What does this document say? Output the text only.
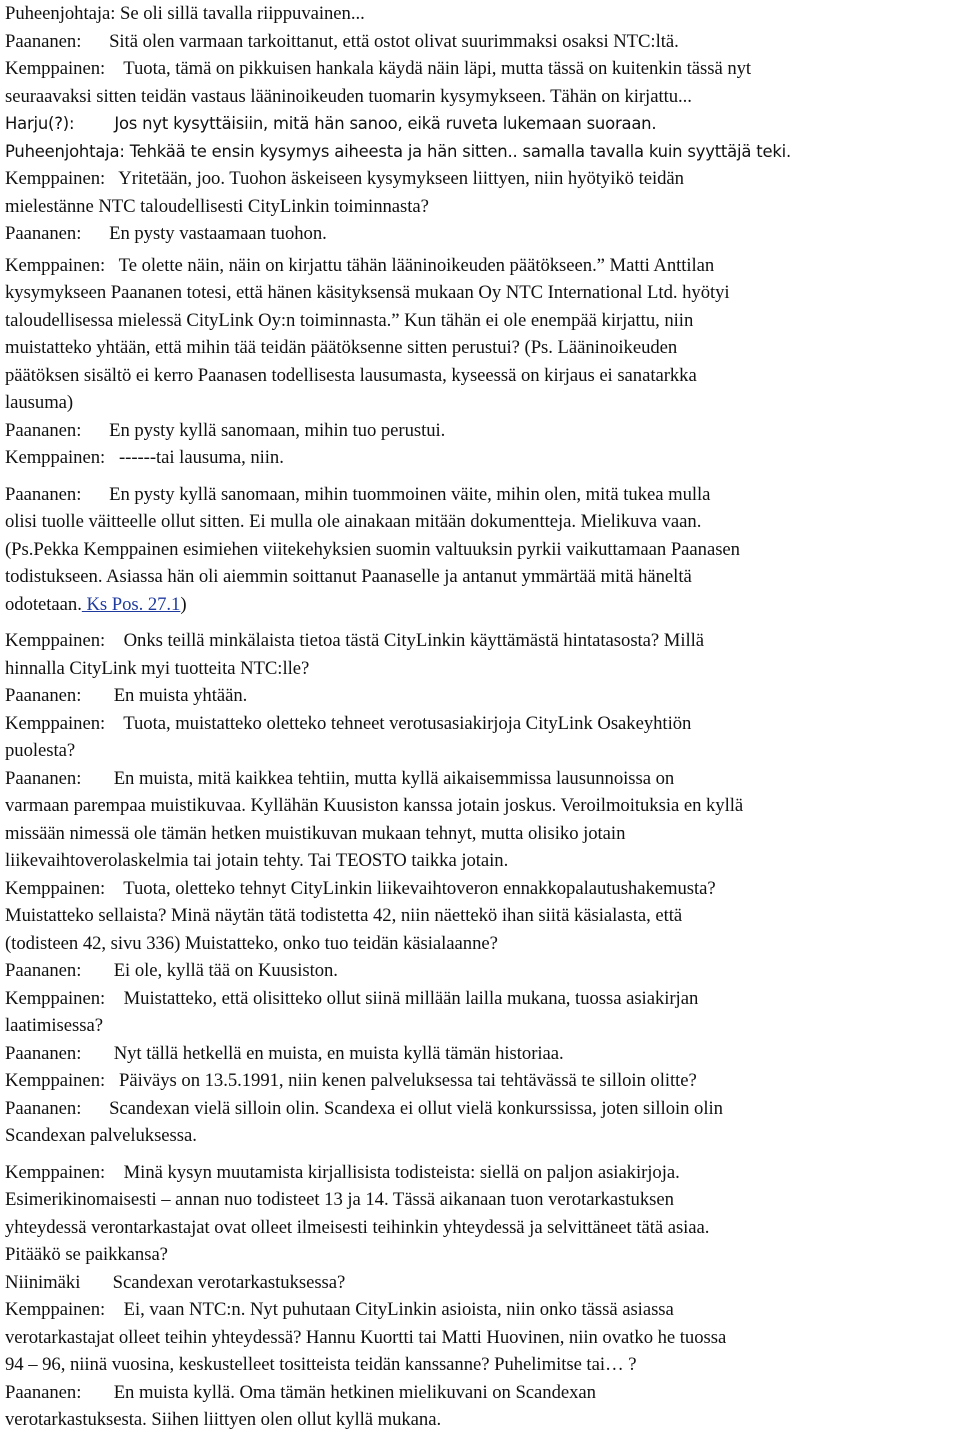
Puheenjohtaja: Se oli sillä tavalla riippuvainen...
Paananen:      Sitä olen varmaan tarkoittanut, että ostot olivat suurimmaksi osaksi NTC:ltä.
Kemppainen:    Tuota, tämä on pikkuisen hankala käydä näin läpi, mutta tässä on kuitenkin tässä nyt
seuraavaksi sitten teidän vastaus lääninoikeuden tuomarin kysymykseen. Tähän on kirjattu...
Harju(?):        Jos nyt kysyttäisiin, mitä hän sanoo, eikä ruveta lukemaan suoraan.
Puheenjohtaja: Tehkää te ensin kysymys aiheesta ja hän sitten.. samalla tavalla kuin syyttäjä teki.
Kemppainen:   Yritetään, joo. Tuohon äskeiseen kysymykseen liittyen, niin hyötyikö teidän
mielestänne NTC taloudellisesti CityLinkin toiminnasta?
Paananen:      En pysty vastaamaan tuohon.
Kemppainen:   Te olette näin, näin on kirjattu tähän lääninoikeuden päätökseen.” Matti Anttilan
kysymykseen Paananen totesi, että hänen käsityksensä mukaan Oy NTC International Ltd. hyötyi
taloudellisessa mielessä CityLink Oy:n toiminnasta.” Kun tähän ei ole enempää kirjattu, niin
muistatteko yhtään, että mihin tää teidän päätöksenne sitten perustui? (Ps. Lääninoikeuden
päätöksen sisältö ei kerro Paanasen todellisesta lausumasta, kyseessä on kirjaus ei sanatarkka
lausuma)
Paananen:      En pysty kyllä sanomaan, mihin tuo perustui.
Kemppainen:   ------tai lausuma, niin.
Paananen:      En pysty kyllä sanomaan, mihin tuommoinen väite, mihin olen, mitä tukea mulla
olisi tuolle väitteelle ollut sitten. Ei mulla ole ainakaan mitään dokumentteja. Mielikuva vaan.
(Ps.Pekka Kemppainen esimiehen viitekehyksien suomin valtuuksin pyrkii vaikuttamaan Paanasen
todistukseen. Asiassa hän oli aiemmin soittanut Paanaselle ja antanut ymmärtää mitä häneltä
odotetaan. Ks Pos. 27.1)
Kemppainen:    Onks teillä minkälaista tietoa tästä CityLinkin käyttämästä hintatasosta? Millä
hinnalla CityLink myi tuotteita NTC:lle?
Paananen:       En muista yhtään.
Kemppainen:    Tuota, muistatteko oletteko tehneet verotusasiakirjoja CityLink Osakeyhtiön
puolesta?
Paananen:       En muista, mitä kaikkea tehtiin, mutta kyllä aikaisemmissa lausunnoissa on
varmaan parempaa muistikuvaa. Kyllähän Kuusiston kanssa jotain joskus. Veroilmoituksia en kyllä
missään nimessä ole tämän hetken muistikuvan mukaan tehnyt, mutta olisiko jotain
liikevaihtoverolaskelmia tai jotain tehty. Tai TEOSTO taikka jotain.
Kemppainen:    Tuota, oletteko tehnyt CityLinkin liikevaihtoveron ennakkopalautushakemusta?
Muistatteko sellaista? Minä näytän tätä todistetta 42, niin näettekö ihan siitä käsialasta, että
(todisteen 42, sivu 336) Muistatteko, onko tuo teidän käsialaanne?
Paananen:       Ei ole, kyllä tää on Kuusiston.
Kemppainen:    Muistatteko, että olisitteko ollut siinä millään lailla mukana, tuossa asiakirjan
laatimisessa?
Paananen:       Nyt tällä hetkellä en muista, en muista kyllä tämän historiaa.
Kemppainen:   Päiväys on 13.5.1991, niin kenen palveluksessa tai tehtävässä te silloin olitte?
Paananen:      Scandexan vielä silloin olin. Scandexa ei ollut vielä konkurssissa, joten silloin olin
Scandexan palveluksessa.
Kemppainen:    Minä kysyn muutamista kirjallisista todisteista: siellä on paljon asiakirjoja.
Esimerikinomaisesti – annan nuo todisteet 13 ja 14. Tässä aikanaan tuon verotarkastuksen
yhteydessä verontarkastajat ovat olleet ilmeisesti teihinkin yhteydessä ja selvittäneet tätä asiaa.
Pitääkö se paikkansa?
Niinimäki       Scandexan verotarkastuksessa?
Kemppainen:    Ei, vaan NTC:n. Nyt puhutaan CityLinkin asioista, niin onko tässä asiassa
verotarkastajat olleet teihin yhteydessä? Hannu Kuortti tai Matti Huovinen, niin ovatko he tuossa
94 – 96, niinä vuosina, keskustelleet tositteista teidän kanssanne? Puhelimitse tai… ?
Paananen:       En muista kyllä. Oma tämän hetkinen mielikuvani on Scandexan
verotarkastuksesta. Siihen liittyen olen ollut kyllä mukana.
